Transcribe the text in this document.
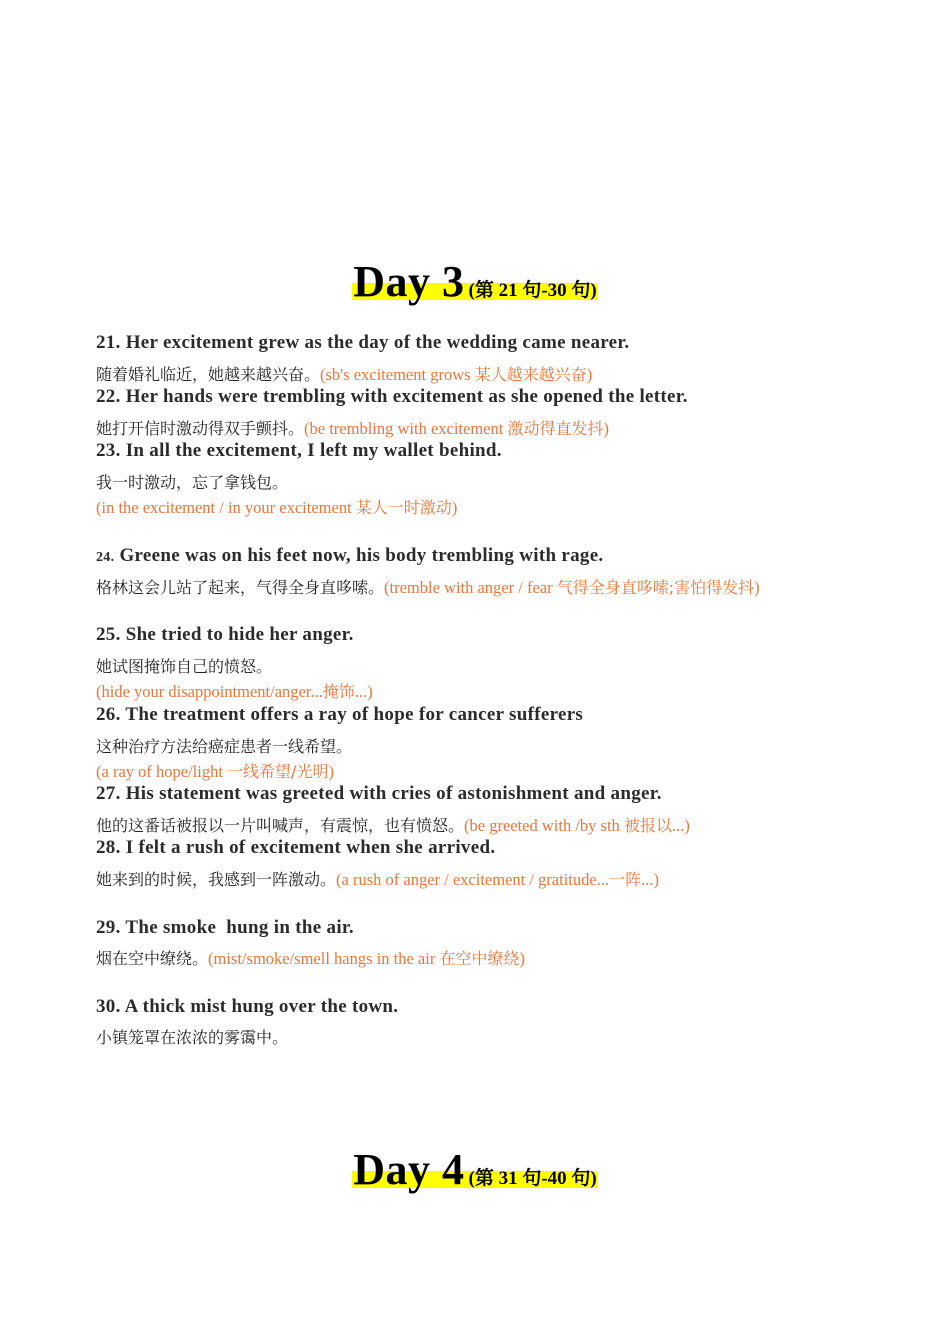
Day 3 (第 21 句-30 句)
21. Her excitement grew as the day of the wedding came nearer.
随着婚礼临近，她越来越兴奋。(sb's excitement grows 某人越来越兴奋)
22. Her hands were trembling with excitement as she opened the letter.
她打开信时激动得双手颤抖。(be trembling with excitement 激动得直发抖)
23. In all the excitement, I left my wallet behind.
我一时激动，忘了拿钱包。
(in the excitement / in your excitement 某人一时激动)
24. Greene was on his feet now, his body trembling with rage.
格林这会儿站了起来，气得全身直哆嗦。(tremble with anger / fear 气得全身直哆嗦;害怕得发抖)
25. She tried to hide her anger.
她试图掩饰自己的愤怒。
(hide your disappointment/anger...掩饰...)
26. The treatment offers a ray of hope for cancer sufferers
这种治疗方法给癌症患者一线希望。
(a ray of hope/light 一线希望/光明)
27. His statement was greeted with cries of astonishment and anger.
他的这番话被报以一片叫喊声，有震惊，也有愤怒。(be greeted with /by sth 被报以...)
28. I felt a rush of excitement when she arrived.
她来到的时候，我感到一阵激动。(a rush of anger / excitement / gratitude...一阵...)
29. The smoke  hung in the air.
烟在空中缭绕。(mist/smoke/smell hangs in the air 在空中缭绕)
30. A thick mist hung over the town.
小镇笼罩在浓浓的雾霭中。
Day 4 (第 31 句-40 句)
